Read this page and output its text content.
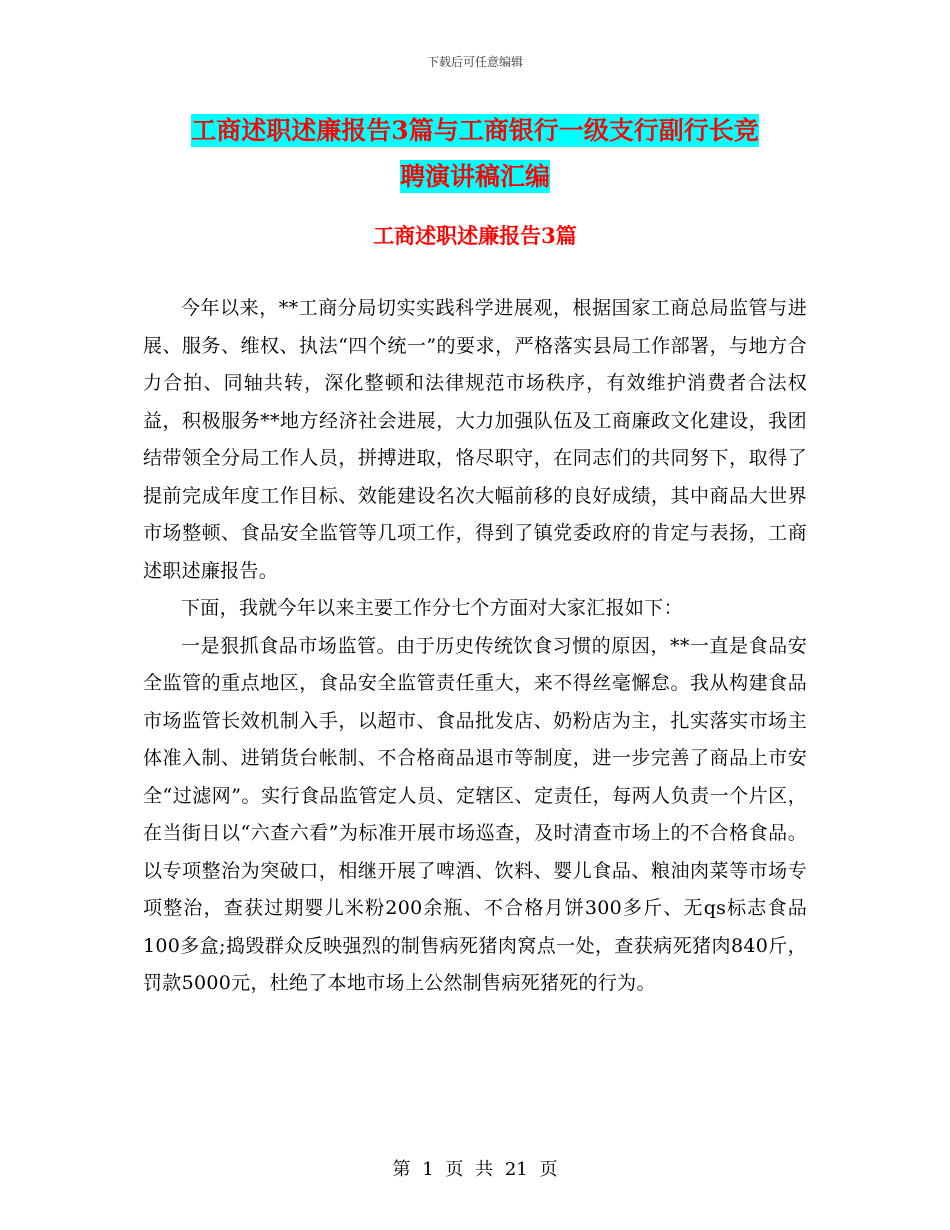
下载后可任意编辑
工商述职述廉报告3篇与工商银行一级支行副行长竞
聘演讲稿汇编
工商述职述廉报告3篇

今年以来，**工商分局切实实践科学进展观，根据国家工商总局监管与进展、服务、维权、执法“四个统一”的要求，严格落实县局工作部署，与地方合力合拍、同轴共转，深化整顿和法律规范市场秩序，有效维护消费者合法权益，积极服务**地方经济社会进展，大力加强队伍及工商廉政文化建设，我团结带领全分局工作人员，拼搏进取，恪尽职守，在同志们的共同努下，取得了提前完成年度工作目标、效能建设名次大幅前移的良好成绩，其中商品大世界市场整顿、食品安全监管等几项工作，得到了镇党委政府的肯定与表扬，工商述职述廉报告。

下面，我就今年以来主要工作分七个方面对大家汇报如下：

一是狠抓食品市场监管。由于历史传统饮食习惯的原因，**一直是食品安全监管的重点地区，食品安全监管责任重大，来不得丝毫懈怠。我从构建食品市场监管长效机制入手，以超市、食品批发店、奶粉店为主，扎实落实市场主体准入制、进销货台帐制、不合格商品退市等制度，进一步完善了商品上市安全“过滤网”。实行食品监管定人员、定辖区、定责任，每两人负责一个片区，在当街日以“六查六看”为标准开展市场巡查，及时清查市场上的不合格食品。以专项整治为突破口，相继开展了啤酒、饮料、婴儿食品、粮油肉菜等市场专项整治，查获过期婴儿米粉200余瓶、不合格月饼300多斤、无qs标志食品100多盒;捣毁群众反映强烈的制售病死猪肉窝点一处，查获病死猪肉840斤，罚款5000元，杜绝了本地市场上公然制售病死猪死的行为。

第 1 页 共 21 页
